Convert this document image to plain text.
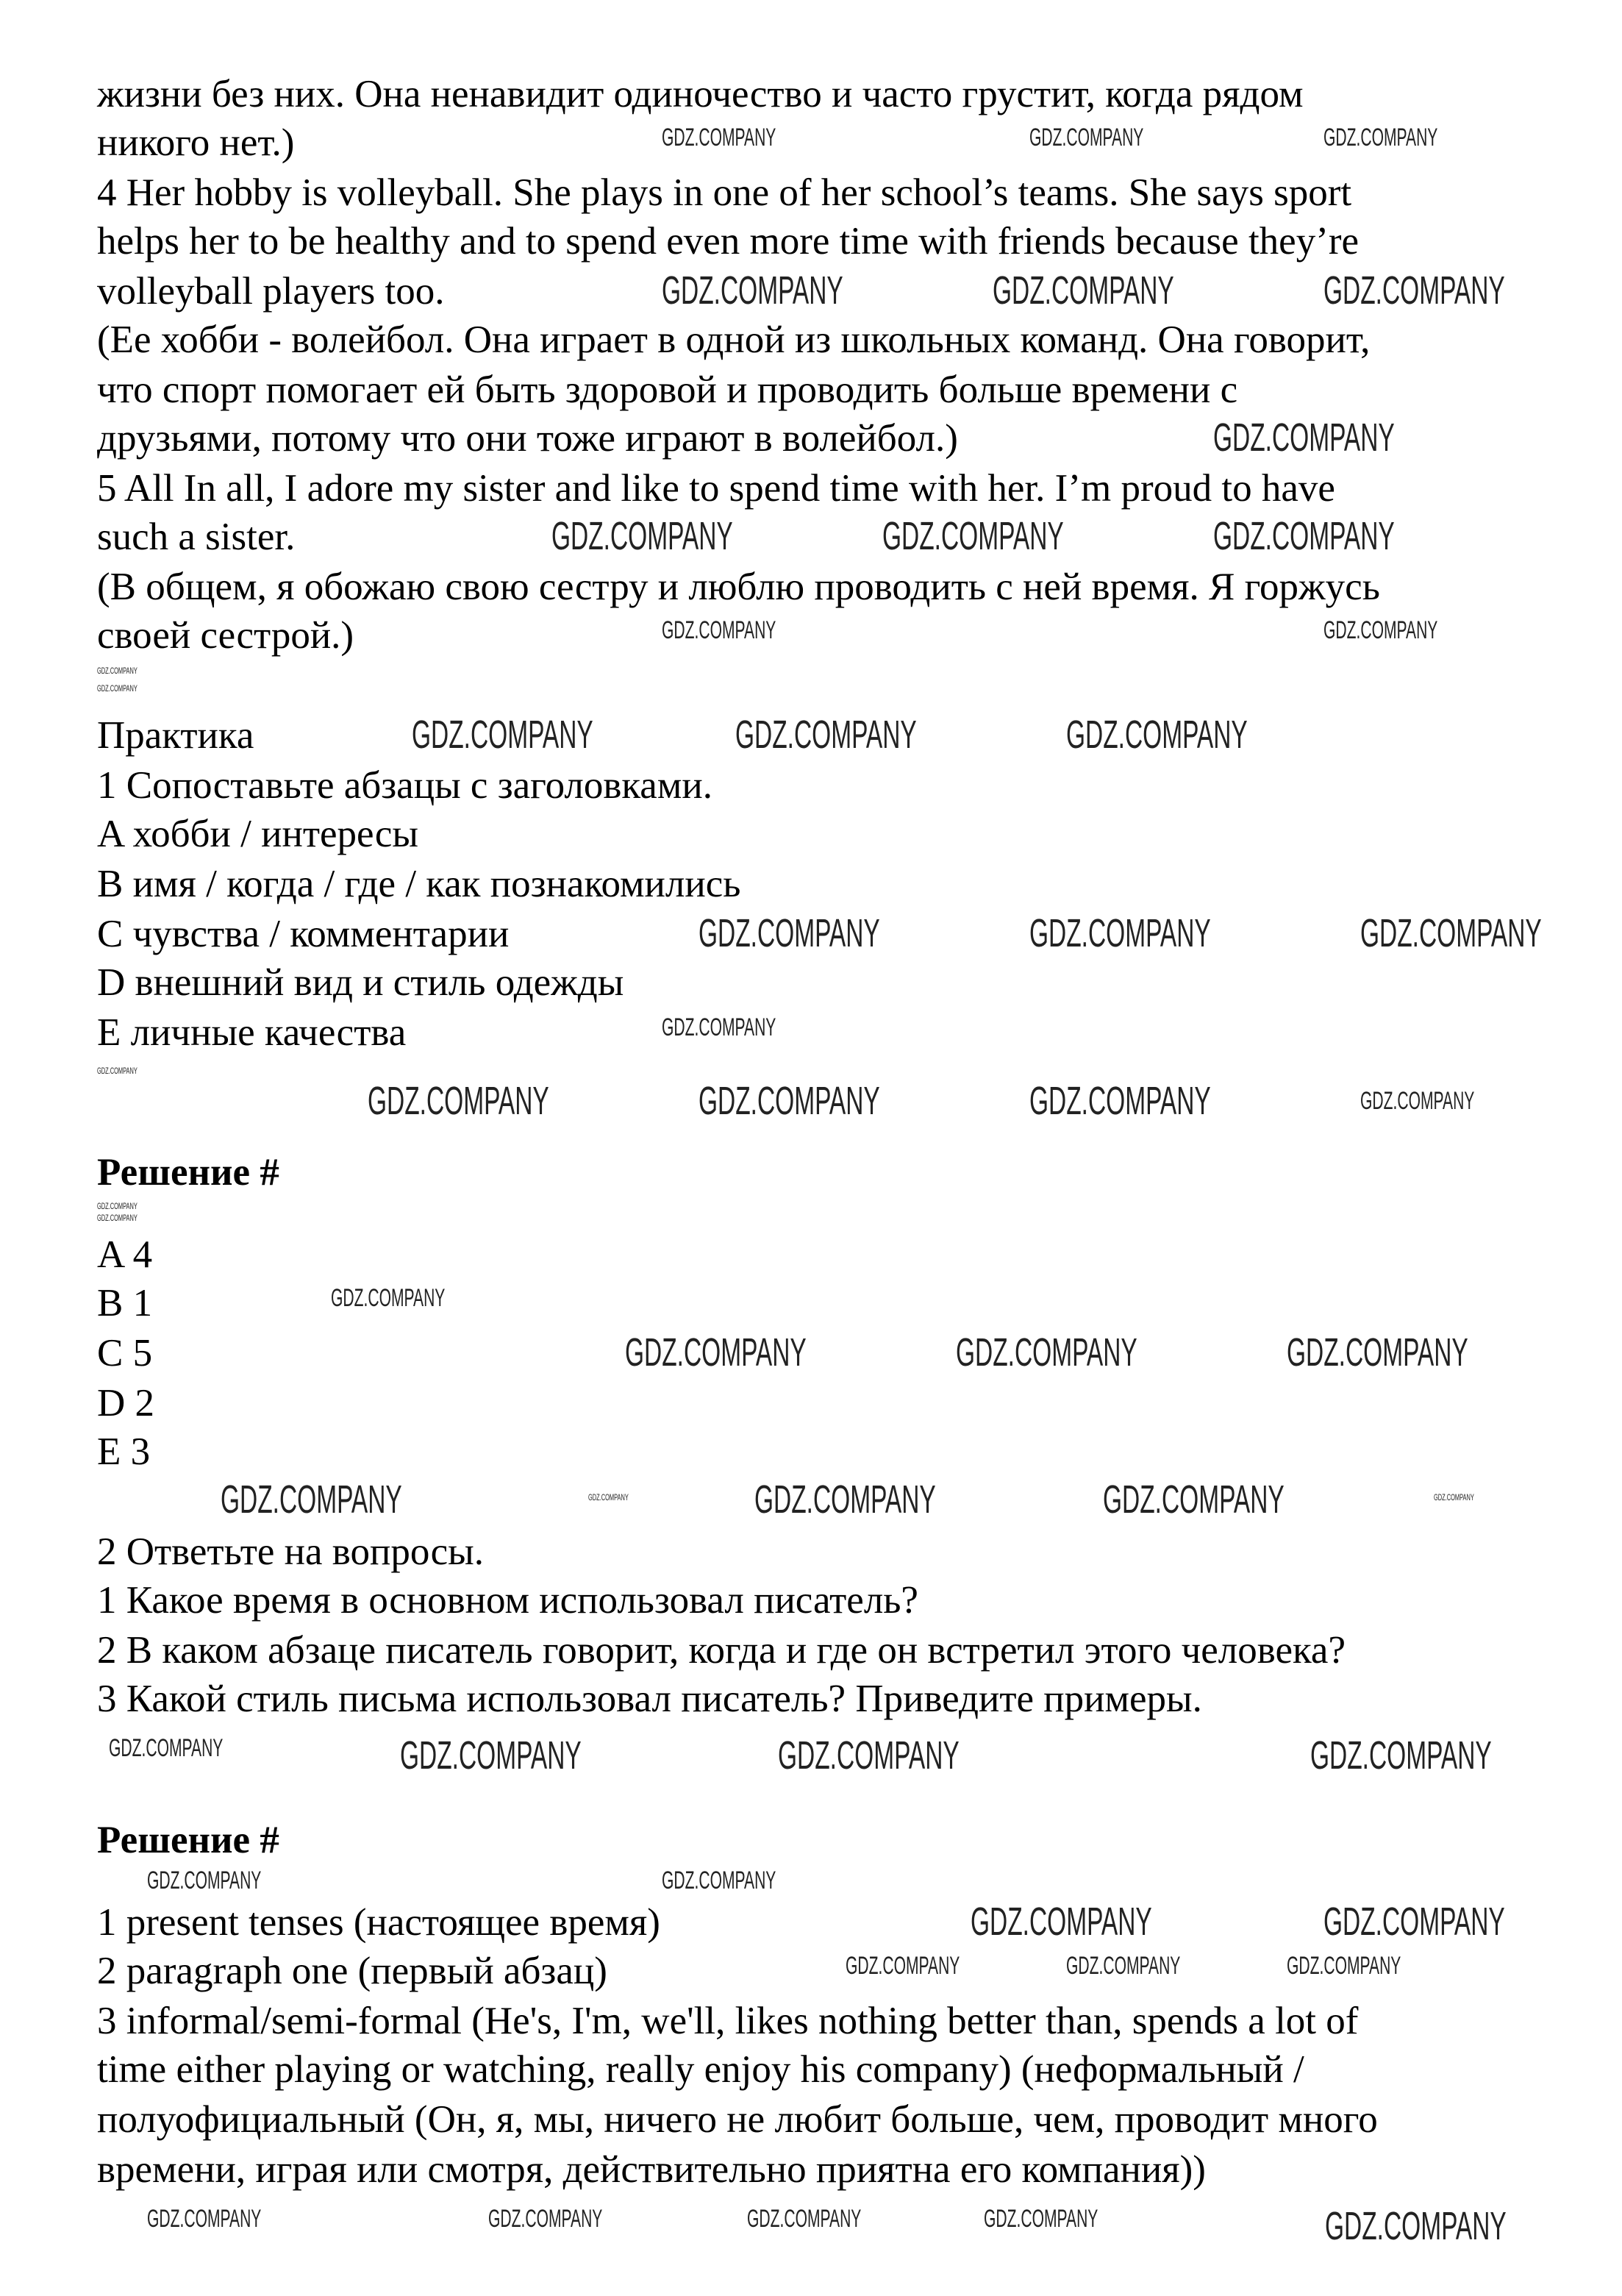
жизни без них. Она ненавидит одиночество и часто грустит, когда рядом
никого нет.)
4 Her hobby is volleyball. She plays in one of her school’s teams. She says sport
helps her to be healthy and to spend even more time with friends because they’re
volleyball players too.
(Ее хобби - волейбол. Она играет в одной из школьных команд. Она говорит,
что спорт помогает ей быть здоровой и проводить больше времени с
друзьями, потому что они тоже играют в волейбол.)
5 All In all, I adore my sister and like to spend time with her. I’m proud to have
such a sister.
(В общем, я обожаю свою сестру и люблю проводить с ней время. Я горжусь
своей сестрой.)
Практика
1 Сопоставьте абзацы с заголовками.
A хобби / интересы
B имя / когда / где / как познакомились
C чувства / комментарии
D внешний вид и стиль одежды
E личные качества
Решение #
A 4
B 1
C 5
D 2
E 3
2 Ответьте на вопросы.
1 Какое время в основном использовал писатель?
2 В каком абзаце писатель говорит, когда и где он встретил этого человека?
3 Какой стиль письма использовал писатель? Приведите примеры.
Решение #
1 present tenses (настоящее время)
2 paragraph one (первый абзац)
3 informal/semi-formal (He's, I'm, we'll, likes nothing better than, spends a lot of
time either playing or watching, really enjoy his company) (неформальный /
полуофициальный (Он, я, мы, ничего не любит больше, чем, проводит много
времени, играя или смотря, действительно приятна его компания))
GDZ.COMPANY	GDZ.COMPANY	GDZ.COMPANY
GDZ.COMPANY	GDZ.COMPANY	GDZ.COMPANY
GDZ.COMPANY
GDZ.COMPANY	GDZ.COMPANY	GDZ.COMPANY
GDZ.COMPANY	GDZ.COMPANY
GDZ.COMPANY
GDZ.COMPANY
GDZ.COMPANY	GDZ.COMPANY	GDZ.COMPANY
GDZ.COMPANY	GDZ.COMPANY	GDZ.COMPANY
GDZ.COMPANY
GDZ.COMPANY
GDZ.COMPANY	GDZ.COMPANY	GDZ.COMPANY	GDZ.COMPANY
GDZ.COMPANY
GDZ.COMPANY
GDZ.COMPANY
GDZ.COMPANY	GDZ.COMPANY	GDZ.COMPANY
GDZ.COMPANY	GDZ.COMPANY	GDZ.COMPANY
GDZ.COMPANY	GDZ.COMPANY
GDZ.COMPANY	GDZ.COMPANY	GDZ.COMPANY	GDZ.COMPANY
GDZ.COMPANY	GDZ.COMPANY
GDZ.COMPANY	GDZ.COMPANY
GDZ.COMPANY	GDZ.COMPANY	GDZ.COMPANY
GDZ.COMPANY	GDZ.COMPANY	GDZ.COMPANY	GDZ.COMPANY	GDZ.COMPANY
